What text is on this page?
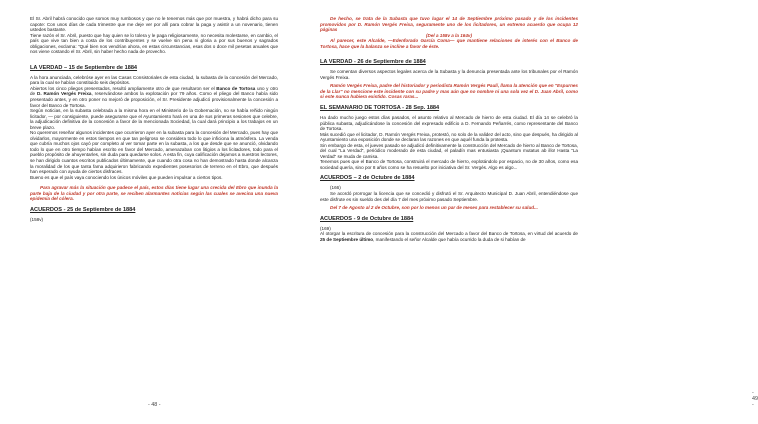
El Sr. Abril habrá conocido que somos muy rumbosos y que no le tenemos más que por muestra, y habrá dicho para su capote: Con unos días de cada trimestre que me deje ver por allí para cobrar la paga y asistir a un novenario, tienen ustedes bastante.

Tiene razón el Sr. Abril, puesto que hay quien se lo tolera y le paga religiosamente, no necesita molestarse, en cambio, el país que vive tan bien a costa de los contribuyentes y se vuelve sin pena ni gloria a por sus buenos y sagrados obligaciones, exclama: "Qué bien nos vendrían ahora, en estas circunstancias, esas dos o doce mil pesetas anuales que nos viene costando el Sr. Abril, sin haber hecho nada de provecho.

LA VERDAD – 15 de Septiembre de 1884

A la hora anunciada, celebróse ayer en las Casas Consistoriales de esta ciudad, la subasta de la concesión del Mercado, para la cual se habían constituido seis depósitos.

Abiertos los cinco pliegos presentados, resultó ampliamente otro de que resultaron ser el Banco de Tortosa uno y otro de D. Ramón Vergés Freixa, reservándose ambos la explotación por 79 años. Como el pliego del Banco había sido presentado antes, y en otro poner no mejoró de proposición, el Sr. Presidente adjudicó provisionalmente la concesión a favor del Banco de Tortosa.

Según noticias, en la subasta celebrada a la misma hora en el Ministerio de la Gobernación, no se había reñido ningún licitador, — por consiguiente, puede asegurarse que el Ayuntamiento hará en una de sus primeras sesiones que celebre, la adjudicación definitiva de la concesión a favor de la mencionada Sociedad, la cual dará principio a los trabajos en un breve plazo.

No queremos reseñar algunos incidentes que ocurrieron ayer en la subasta para la concesión del Mercado, pues hay que olvidarlos, mayormente en estos tiempos en que tan peligroso se considera todo lo que inficiona la atmósfera. La venda que cubría muchos ojos cayó por completo al ver tomar parte en la subasta, a los que desde que se anunció, olvidando todo lo que en otro tiempo habían escrito en favor del Mercado, amenazaban con litigios a los licitadores, todo para el pueblo propósito de ahuyentarles, sin duda para quedarse solos. A esta fin, cuya calificación dejamos a nuestros lectores, se han dirigido cuantos escritos publicados últimamente, que cuando otra cosa no han demostrado hasta donde alcanza la moralidad de los que tanta fama adquirieron fabricando expedientes posesorios de terreno en el Ebro, que después han esperado con ayuda de ciertos disfraces.

Bueno es que el país vaya conociendo los únicos móviles que pueden impulsar a ciertos tipos.

Para agravar más la situación que padece el país, estos días tiene lugar una crecida del Ebro que inunda la parte baja de la ciudad y por otra parte, se reciben alarmantes noticias según las cuales se avecina una nueva epidemia del cólera.

ACUERDOS - 25 de Septiembre de 1884

(158v)

- 48 -

De hecho, se trata de la Subasta que tuvo lugar el 14 de Septiembre próximo pasado y de los incidentes promovidos por D. Ramón Vergés Freixa, seguramente uno de los licitadores, un extremo acuerdo que ocupa 12 páginas

(Del a 158v a la 164v)

Al parecer, este Alcalde, —Edenforado García Coma— que mantiene relaciones de interés con el Banco de Tortosa, hace que la balanza se incline a favor de éste.

LA VERDAD - 26 de Septiembre de 1884

Se comentan diversos aspectos legales acerca de la Subasta y la denuncia presentada ante los tribunales por el Ramón Vergés Freixa.

Ramón Vergés Freixa, padre del historiador y periodista Ramón Vergés Paulí, llama la atención que en "Espurnes de la Llar" no mencione este incidente con su padre y mas aún que no nombre ni una sola vez el D. Juan Abril, como si este nunca hubiera existido. Cosas raras...

EL SEMANARIO DE TORTOSA - 28 Sep. 1884

Ha dado mucho juego estos días pasados, el asunto relativo al Mercado de hierro de esta ciudad. El día 14 se celebró la pública subasta, adjudicándose la concesión del expresado edificio a D. Fernando Peñarrés, como representante del Banco de Tortosa.

Más sucedió que el licitador, D. Ramón Vergés Freixa, protestó, no solo de la validez del acto, sino que después, ha dirigido al Ayuntamiento una exposición donde se declaran las razones en que aquél funda la protesta.

Sin embargo de esta, el jueves pasado se adjudicó definitivamente la construcción del Mercado de hierro al Banco de Tortosa, del cual "La Verdad", periódico moderado de esta ciudad, el paladín mas entusiasta ¡Quantum mutatus ab illo! Hasta "La Verdad" se muda de camisa.

Tenemos pues que el Banco de Tortosa, construirá el mercado de hierro, explotándolo por espacio, no de 30 años, como esa sociedad quería, sino por 8 años como se ha resuelto por iniciativa del Sr. Vergés. Algo es algo...

ACUERDOS – 2 de Octubre de 1884

(166)

Se acordó prorrogar la licencia que se concedió y disfrutó el Sr. Arquitecto Municipal D. Juan Abril, entendiéndose que este disfrute es sin sueldo des del día 7 del mes próximo pasado Septiembre.

Del 7 de Agosto al 2 de Octubre, son por lo menos un par de meses para restablecer su salud...

ACUERDOS - 9 de Octubre de 1884

(169)

Al otorgar la escritura de concesión para la construcción del Mercado a favor del Banco de Tortosa, en virtud del acuerdo de 25 de Septiembre último, manifestando el señor Alcalde que había ocurrido la duda de si habían de

- 49 -
